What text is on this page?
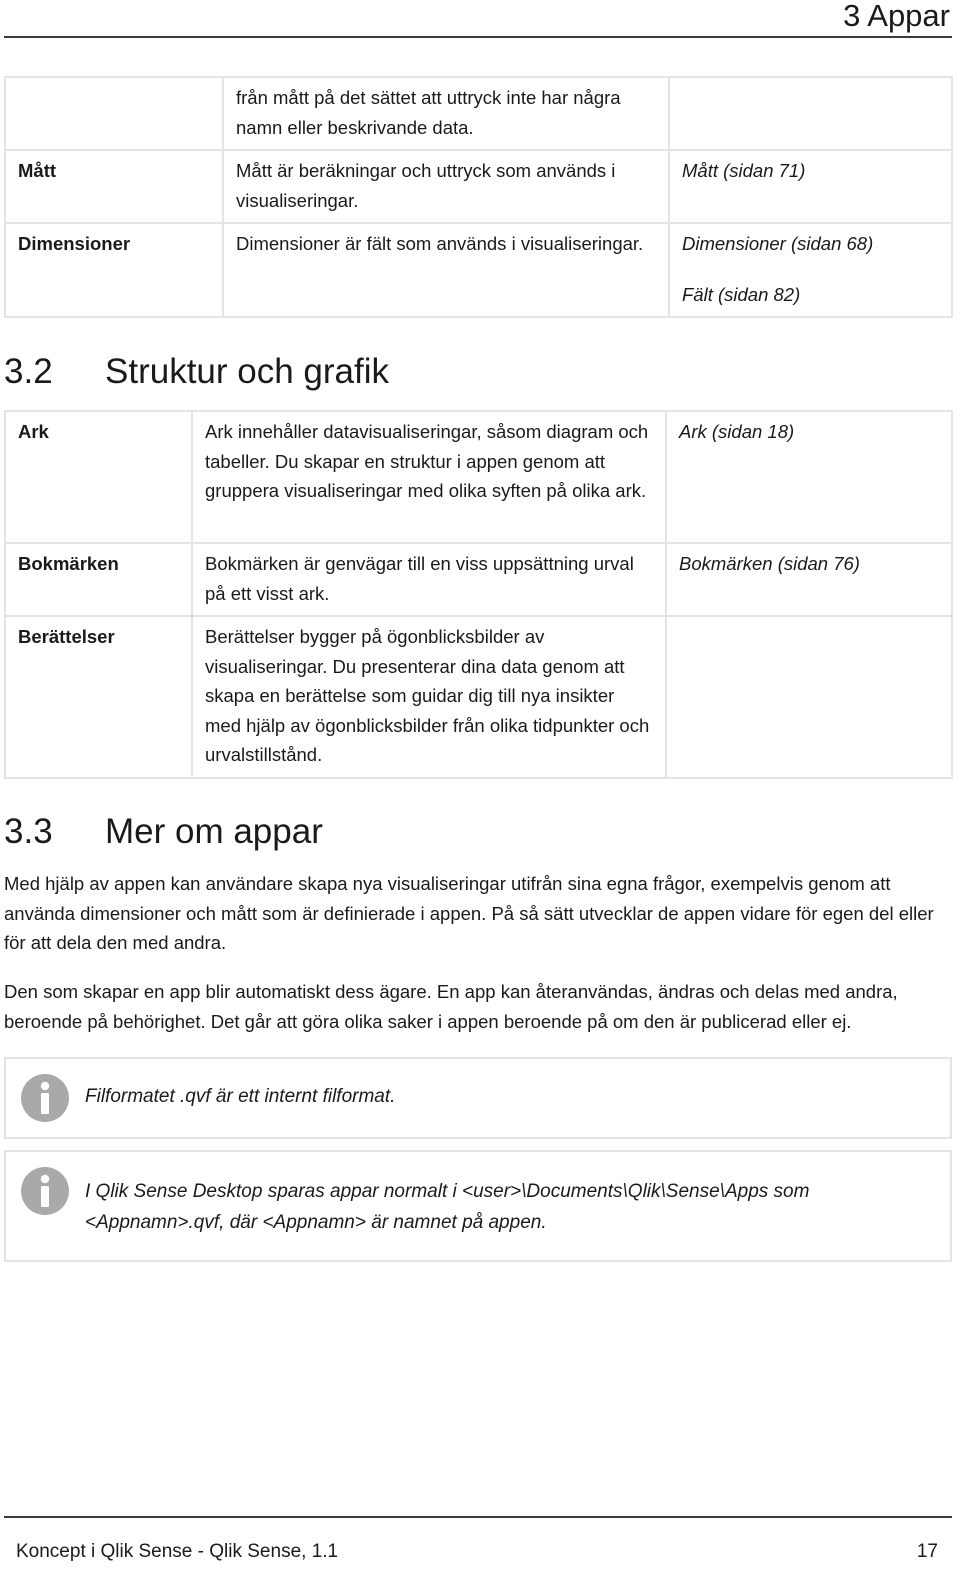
3 Appar
	från mått på det sättet att uttryck inte har några namn eller beskrivande data.	
Mått	Mått är beräkningar och uttryck som används i visualiseringar.	Mått (sidan 71)

Dimensioner	Dimensioner är fält som används i visualiseringar.	Dimensioner (sidan 68)
Fält (sidan 82)
3.2 Struktur och grafik
Ark	Ark innehåller datavisualiseringar, såsom diagram och tabeller. Du skapar en struktur i appen genom att gruppera visualiseringar med olika syften på olika ark.	Ark (sidan 18)

Bokmärken	Bokmärken är genvägar till en viss uppsättning urval på ett visst ark.	Bokmärken (sidan 76)

Berättelser	Berättelser bygger på ögonblicksbilder av visualiseringar. Du presenterar dina data genom att skapa en berättelse som guidar dig till nya insikter med hjälp av ögonblicksbilder från olika tidpunkter och urvalstillstånd.	
3.3 Mer om appar

Med hjälp av appen kan användare skapa nya visualiseringar utifrån sina egna frågor, exempelvis genom att använda dimensioner och mått som är definierade i appen. På så sätt utvecklar de appen vidare för egen del eller för att dela den med andra.

Den som skapar en app blir automatiskt dess ägare. En app kan återanvändas, ändras och delas med andra, beroende på behörighet. Det går att göra olika saker i appen beroende på om den är publicerad eller ej.

Filformatet .qvf är ett internt filformat.
I Qlik Sense Desktop sparas appar normalt i <user>\Documents\Qlik\Sense\Apps som <Appnamn>.qvf, där <Appnamn> är namnet på appen.
Koncept i Qlik Sense - Qlik Sense, 1.1	17
